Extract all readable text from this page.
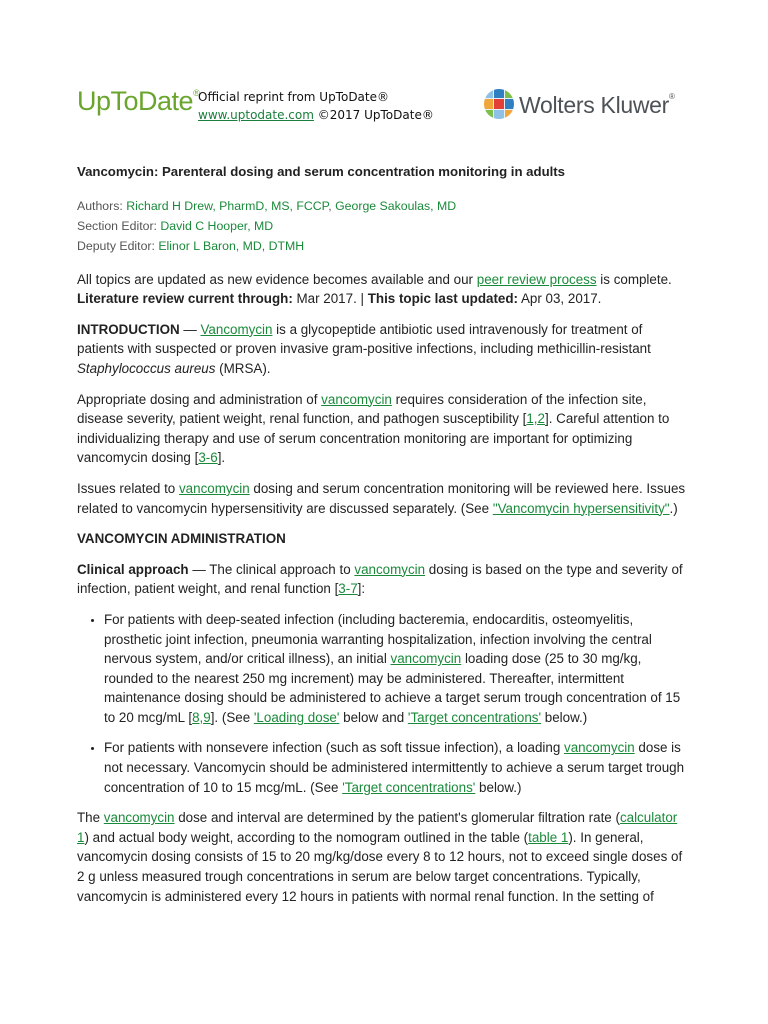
UpToDate®
Official reprint from UpToDate®
www.uptodate.com ©2017 UpToDate®	Wolters Kluwer®
Vancomycin: Parenteral dosing and serum concentration monitoring in adults
Authors: Richard H Drew, PharmD, MS, FCCP, George Sakoulas, MD
Section Editor: David C Hooper, MD
Deputy Editor: Elinor L Baron, MD, DTMH

All topics are updated as new evidence becomes available and our peer review process is complete.
Literature review current through: Mar 2017. | This topic last updated: Apr 03, 2017.

INTRODUCTION — Vancomycin is a glycopeptide antibiotic used intravenously for treatment of patients with suspected or proven invasive gram-positive infections, including methicillin-resistant Staphylococcus aureus (MRSA).

Appropriate dosing and administration of vancomycin requires consideration of the infection site, disease severity, patient weight, renal function, and pathogen susceptibility [1,2]. Careful attention to individualizing therapy and use of serum concentration monitoring are important for optimizing vancomycin dosing [3-6].

Issues related to vancomycin dosing and serum concentration monitoring will be reviewed here. Issues related to vancomycin hypersensitivity are discussed separately. (See "Vancomycin hypersensitivity".)

VANCOMYCIN ADMINISTRATION

Clinical approach — The clinical approach to vancomycin dosing is based on the type and severity of infection, patient weight, and renal function [3-7]:

• For patients with deep-seated infection (including bacteremia, endocarditis, osteomyelitis, prosthetic joint infection, pneumonia warranting hospitalization, infection involving the central nervous system, and/or critical illness), an initial vancomycin loading dose (25 to 30 mg/kg, rounded to the nearest 250 mg increment) may be administered. Thereafter, intermittent maintenance dosing should be administered to achieve a target serum trough concentration of 15 to 20 mcg/mL [8,9]. (See 'Loading dose' below and 'Target concentrations' below.)
• For patients with nonsevere infection (such as soft tissue infection), a loading vancomycin dose is not necessary. Vancomycin should be administered intermittently to achieve a serum target trough concentration of 10 to 15 mcg/mL. (See 'Target concentrations' below.)

The vancomycin dose and interval are determined by the patient's glomerular filtration rate (calculator 1) and actual body weight, according to the nomogram outlined in the table (table 1). In general, vancomycin dosing consists of 15 to 20 mg/kg/dose every 8 to 12 hours, not to exceed single doses of 2 g unless measured trough concentrations in serum are below target concentrations. Typically, vancomycin is administered every 12 hours in patients with normal renal function. In the setting of
